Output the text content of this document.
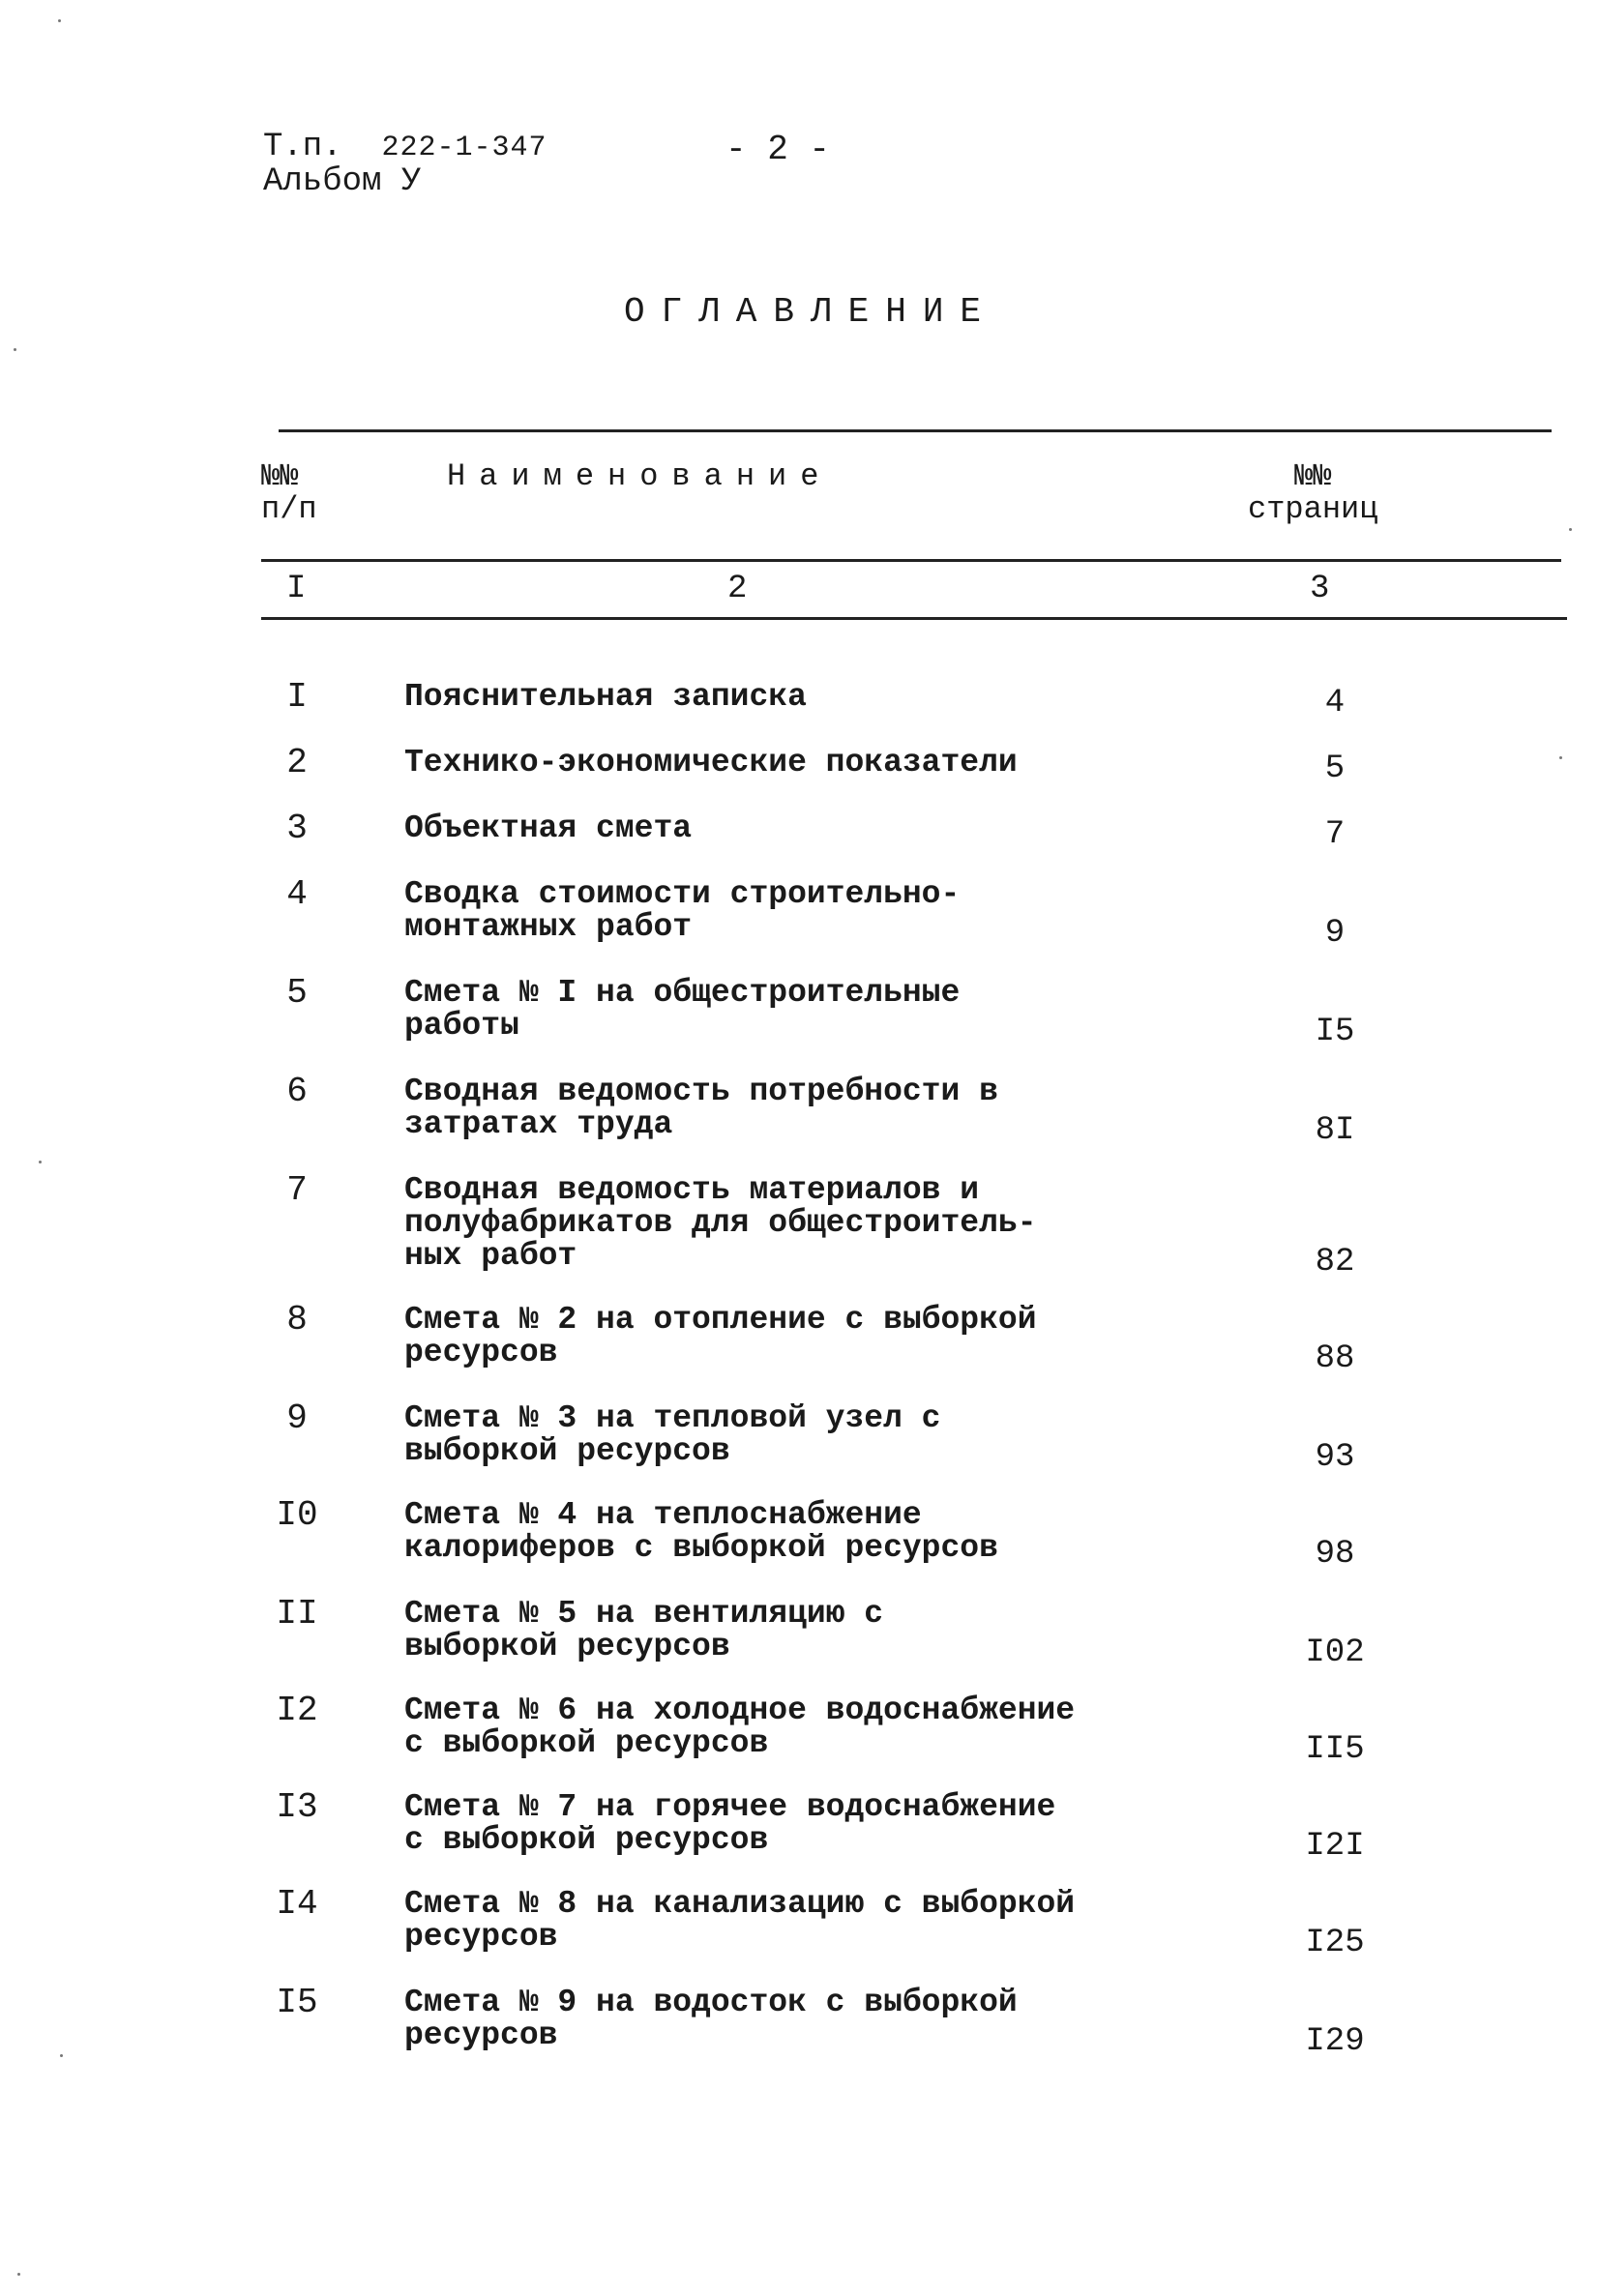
Т.п. 222-1-347
Альбом У
- 2 -
ОГЛАВЛЕНИЕ
№№
п/п
Наименование	№№
страниц
I	2	3
I	Пояснительная записка	4
2	Технико-экономические показатели	5
3	Объектная смета	7
4	Сводка стоимости строительно-
монтажных работ	9
5	Смета № I на общестроительные
работы	I5
6	Сводная ведомость потребности в
затратах труда	8I
7	Сводная ведомость материалов и
полуфабрикатов для общестроитель-
ных работ	82
8	Смета № 2 на отопление с выборкой
ресурсов	88
9	Смета № 3 на тепловой узел с
выборкой ресурсов	93
I0	Смета № 4 на теплоснабжение
калориферов с выборкой ресурсов	98
II	Смета № 5 на вентиляцию с
выборкой ресурсов	I02
I2	Смета № 6 на холодное водоснабжение
с выборкой ресурсов	II5
I3	Смета № 7 на горячее водоснабжение
с выборкой ресурсов	I2I
I4	Смета № 8 на канализацию с выборкой
ресурсов	I25
I5	Смета № 9 на водосток с выборкой
ресурсов	I29
